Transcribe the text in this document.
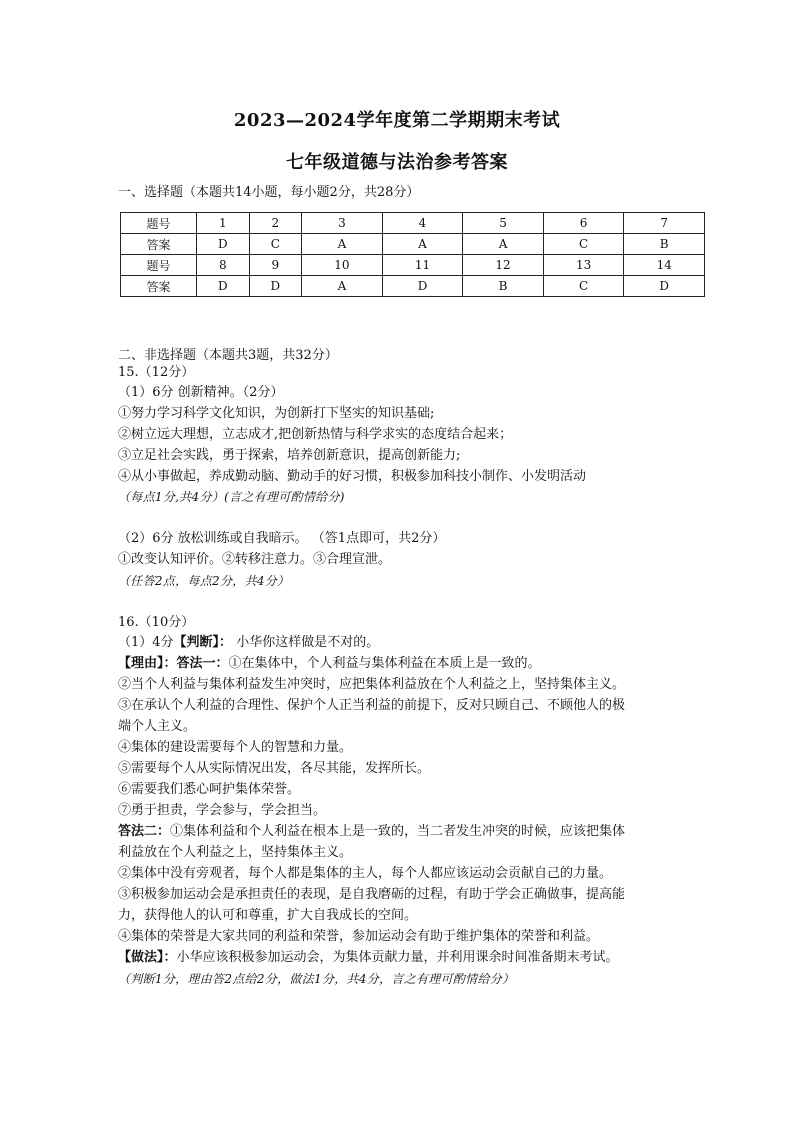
2023—2024学年度第二学期期末考试
七年级道德与法治参考答案
一、选择题（本题共14小题，每小题2分，共28分）
题号	1	2	3	4	5	6	7
答案	D	C	A	A	A	C	B
题号	8	9	10	11	12	13	14
答案	D	D	A	D	B	C	D
二、非选择题（本题共3题，共32分）
15.（12分）
（1）6分 创新精神。（2分）
①努力学习科学文化知识，为创新打下坚实的知识基础;
②树立远大理想，立志成才,把创新热情与科学求实的态度结合起来；
③立足社会实践，勇于探索，培养创新意识，提高创新能力;
④从小事做起，养成勤动脑、勤动手的好习惯，积极参加科技小制作、小发明活动
（每点1分,共4分）(言之有理可酌情给分)
（2）6分 放松训练或自我暗示。 （答1点即可，共2分）
①改变认知评价。②转移注意力。③合理宣泄。
（任答2点，每点2分，共4分）
16.（10分）
（1）4分【判断】： 小华你这样做是不对的。
【理由】：答法一：①在集体中，个人利益与集体利益在本质上是一致的。
②当个人利益与集体利益发生冲突时，应把集体利益放在个人利益之上，坚持集体主义。
③在承认个人利益的合理性、保护个人正当利益的前提下，反对只顾自己、不顾他人的极
端个人主义。
④集体的建设需要每个人的智慧和力量。
⑤需要每个人从实际情况出发，各尽其能，发挥所长。
⑥需要我们悉心呵护集体荣誉。
⑦勇于担责，学会参与，学会担当。
答法二：①集体利益和个人利益在根本上是一致的，当二者发生冲突的时候，应该把集体
利益放在个人利益之上，坚持集体主义。
②集体中没有旁观者，每个人都是集体的主人，每个人都应该运动会贡献自己的力量。
③积极参加运动会是承担责任的表现，是自我磨砺的过程，有助于学会正确做事，提高能
力，获得他人的认可和尊重，扩大自我成长的空间。
④集体的荣誉是大家共同的利益和荣誉，参加运动会有助于维护集体的荣誉和利益。
【做法】：小华应该积极参加运动会，为集体贡献力量，并利用课余时间准备期末考试。
（判断1分，理由答2点给2分，做法1分，共4分，言之有理可酌情给分）
